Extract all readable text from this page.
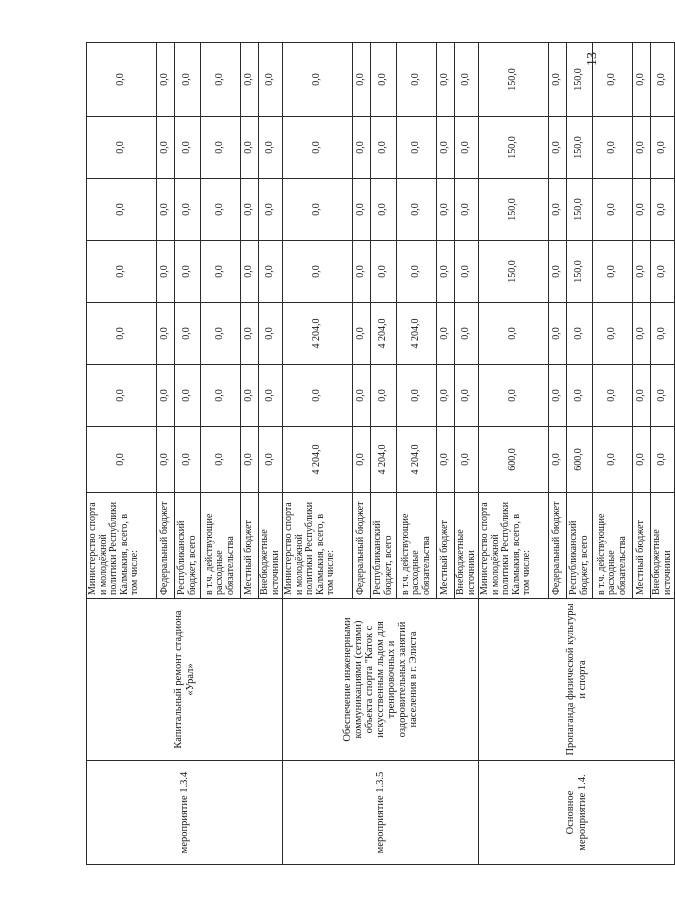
13
мероприятие 1.3.4	Капитальный ремонт стадиона «Урал»	Министерство спорта и молодёжной политики Республики Калмыкия, всего, в том числе:	0,0	0,0	0,0	0,0	0,0	0,0	0,0
		Федеральный бюджет	0,0	0,0	0,0	0,0	0,0	0,0	0,0
		Республиканский бюджет, всего	0,0	0,0	0,0	0,0	0,0	0,0	0,0
		в т.ч. действующие расходные обязательства	0,0	0,0	0,0	0,0	0,0	0,0	0,0
		Местный бюджет	0,0	0,0	0,0	0,0	0,0	0,0	0,0
		Внебюджетные источники	0,0	0,0	0,0	0,0	0,0	0,0	0,0
мероприятие 1.3.5	Обеспечение инженерными коммуникациями (сетями) объекта спорта "Каток с искусственным льдом для тренировочных и оздоровительных занятий населения в г. Элиста	Министерство спорта и молодёжной политики Республики Калмыкия, всего, в том числе:	4 204,0	0,0	4 204,0	0,0	0,0	0,0	0,0
		Федеральный бюджет	0,0	0,0	0,0	0,0	0,0	0,0	0,0
		Республиканский бюджет, всего	4 204,0	0,0	4 204,0	0,0	0,0	0,0	0,0
		в т.ч. действующие расходные обязательства	4 204,0	0,0	4 204,0	0,0	0,0	0,0	0,0
		Местный бюджет	0,0	0,0	0,0	0,0	0,0	0,0	0,0
		Внебюджетные источники	0,0	0,0	0,0	0,0	0,0	0,0	0,0
Основное мероприятие 1.4.	Пропаганда физической культуры и спорта	Министерство спорта и молодёжной политики Республики Калмыкия, всего, в том числе:	600,0	0,0	0,0	150,0	150,0	150,0	150,0
		Федеральный бюджет	0,0	0,0	0,0	0,0	0,0	0,0	0,0
		Республиканский бюджет, всего	600,0	0,0	0,0	150,0	150,0	150,0	150,0
		в т.ч. действующие расходные обязательства	0,0	0,0	0,0	0,0	0,0	0,0	0,0
		Местный бюджет	0,0	0,0	0,0	0,0	0,0	0,0	0,0
		Внебюджетные источники	0,0	0,0	0,0	0,0	0,0	0,0	0,0
